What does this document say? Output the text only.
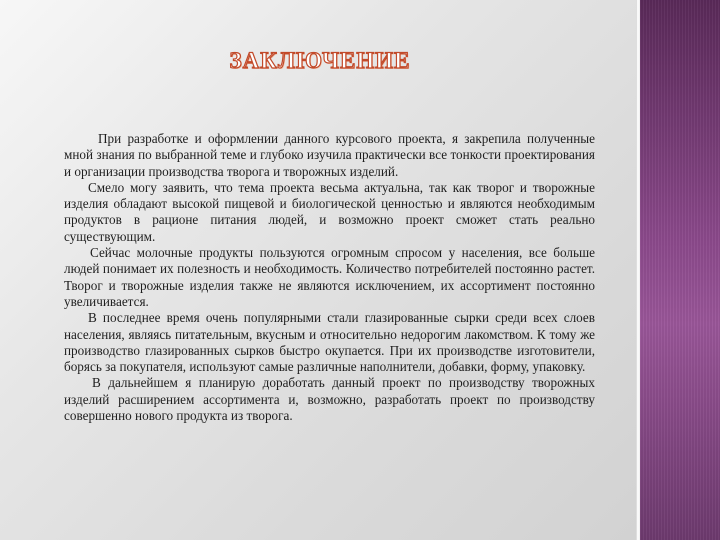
ЗАКЛЮЧЕНИЕ

При разработке и оформлении данного курсового проекта, я закрепила полученные мной знания по выбранной теме и глубоко изучила практически все тонкости проектирования и организации производства творога и творожных изделий.

Смело могу заявить, что тема проекта весьма актуальна, так как творог и творожные изделия обладают высокой пищевой и биологической ценностью и являются необходимым продуктов в рационе питания людей, и возможно проект сможет стать реально существующим.

Сейчас молочные продукты пользуются огромным спросом у населения, все больше людей понимает их полезность и необходимость. Количество потребителей постоянно растет. Творог и творожные изделия также не являются исключением, их ассортимент постоянно увеличивается.

В последнее время очень популярными стали глазированные сырки среди всех слоев населения, являясь питательным, вкусным и относительно недорогим лакомством. К тому же производство глазированных сырков быстро окупается. При их производстве изготовители, борясь за покупателя, используют самые различные наполнители, добавки, форму, упаковку.

В дальнейшем я планирую доработать данный проект по производству творожных изделий расширением ассортимента и, возможно, разработать проект по производству совершенно нового продукта из творога.
